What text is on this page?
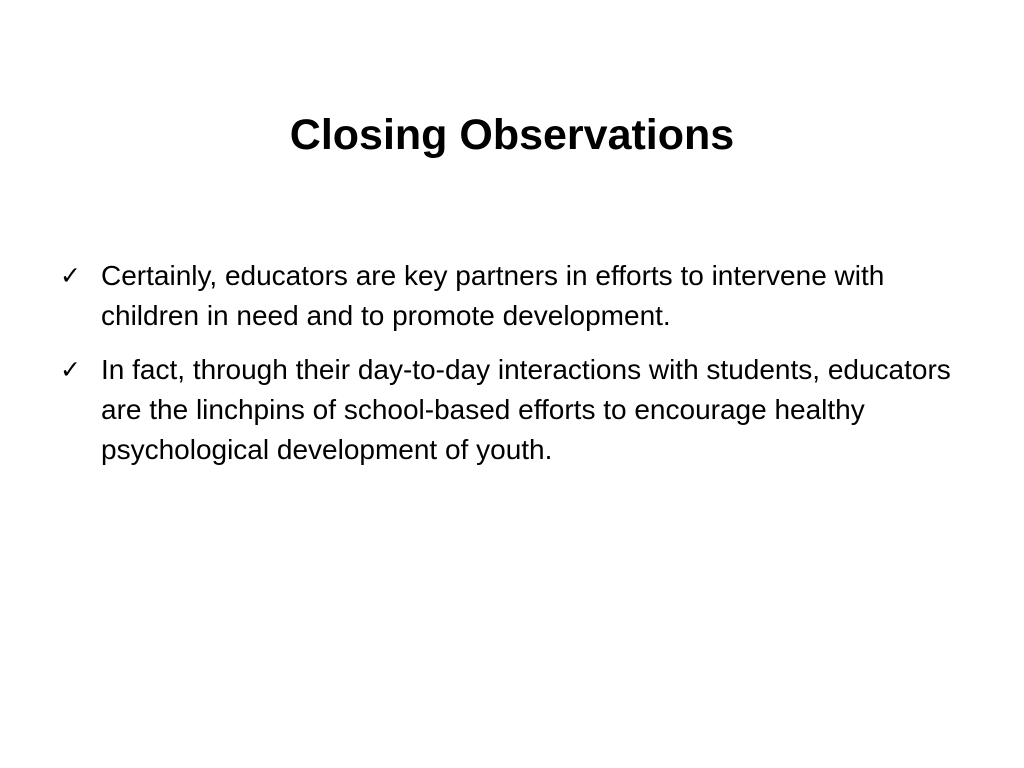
Closing Observations
✓ Certainly, educators are key partners in efforts to intervene with children in need and to promote development.
✓ In fact, through their day-to-day interactions with students, educators are the linchpins of school-based efforts to encourage healthy psychological development of youth.
